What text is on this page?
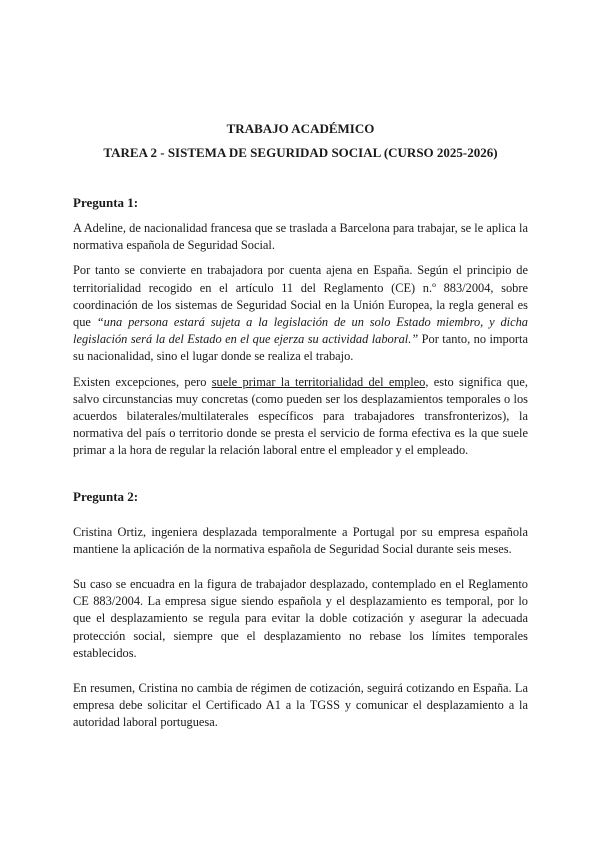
TRABAJO ACADÉMICO
TAREA 2 - SISTEMA DE SEGURIDAD SOCIAL (CURSO 2025-2026)
Pregunta 1:

A Adeline, de nacionalidad francesa que se traslada a Barcelona para trabajar, se le aplica la normativa española de Seguridad Social.

Por tanto se convierte en trabajadora por cuenta ajena en España. Según el principio de territorialidad recogido en el artículo 11 del Reglamento (CE) n.º 883/2004, sobre coordinación de los sistemas de Seguridad Social en la Unión Europea, la regla general es que “una persona estará sujeta a la legislación de un solo Estado miembro, y dicha legislación será la del Estado en el que ejerza su actividad laboral.” Por tanto, no importa su nacionalidad, sino el lugar donde se realiza el trabajo.

Existen excepciones, pero suele primar la territorialidad del empleo, esto significa que, salvo circunstancias muy concretas (como pueden ser los desplazamientos temporales o los acuerdos bilaterales/multilaterales específicos para trabajadores transfronterizos), la normativa del país o territorio donde se presta el servicio de forma efectiva es la que suele primar a la hora de regular la relación laboral entre el empleador y el empleado.

Pregunta 2:

Cristina Ortiz, ingeniera desplazada temporalmente a Portugal por su empresa española mantiene la aplicación de la normativa española de Seguridad Social durante seis meses.

Su caso se encuadra en la figura de trabajador desplazado, contemplado en el Reglamento CE 883/2004. La empresa sigue siendo española y el desplazamiento es temporal, por lo que el desplazamiento se regula para evitar la doble cotización y asegurar la adecuada protección social, siempre que el desplazamiento no rebase los límites temporales establecidos.

En resumen, Cristina no cambia de régimen de cotización, seguirá cotizando en España. La empresa debe solicitar el Certificado A1 a la TGSS y comunicar el desplazamiento a la autoridad laboral portuguesa.
